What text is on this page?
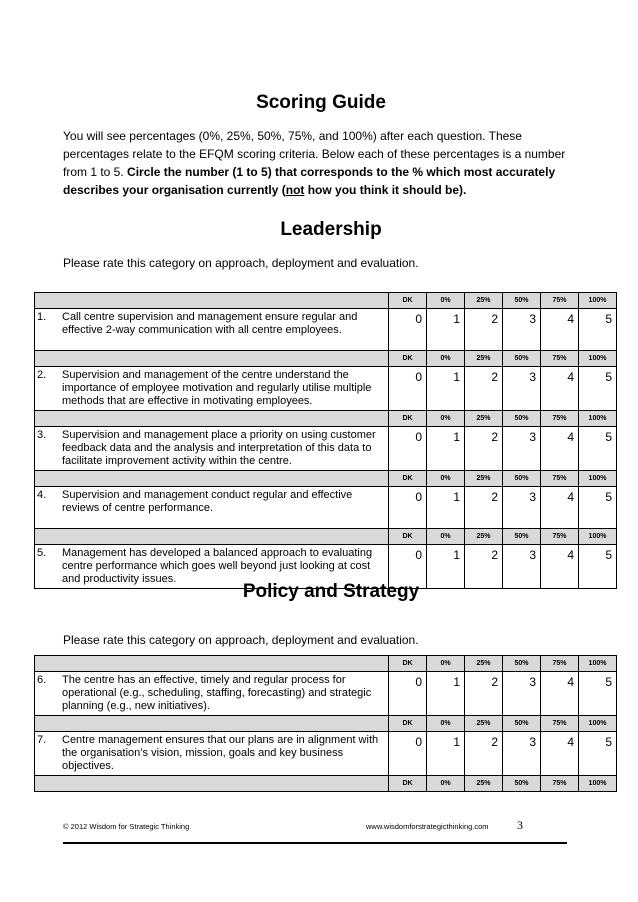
Scoring Guide
You will see percentages (0%, 25%, 50%, 75%, and 100%) after each question. These percentages relate to the EFQM scoring criteria. Below each of these percentages is a number from 1 to 5. Circle the number (1 to 5) that corresponds to the % which most accurately describes your organisation currently (not how you think it should be).
Leadership

Please rate this category on approach, deployment and evaluation.

	DK	0%	25%	50%	75%	100%

1. Call centre supervision and management ensure regular and effective 2-way communication with all centre employees.	0	1	2	3	4	5
	DK	0%	25%	50%	75%	100%

2. Supervision and management of the centre understand the importance of employee motivation and regularly utilise multiple methods that are effective in motivating employees.	0	1	2	3	4	5
	DK	0%	25%	50%	75%	100%

3. Supervision and management place a priority on using customer feedback data and the analysis and interpretation of this data to facilitate improvement activity within the centre.	0	1	2	3	4	5
	DK	0%	25%	50%	75%	100%

4. Supervision and management conduct regular and effective reviews of centre performance.	0	1	2	3	4	5
	DK	0%	25%	50%	75%	100%

5. Management has developed a balanced approach to evaluating centre performance which goes well beyond just looking at cost and productivity issues.	0	1	2	3	4	5
Policy and Strategy

Please rate this category on approach, deployment and evaluation.

	DK	0%	25%	50%	75%	100%

6. The centre has an effective, timely and regular process for operational (e.g., scheduling, staffing, forecasting) and strategic planning (e.g., new initiatives).	0	1	2	3	4	5
	DK	0%	25%	50%	75%	100%

7. Centre management ensures that our plans are in alignment with the organisation’s vision, mission, goals and key business objectives.	0	1	2	3	4	5
	DK	0%	25%	50%	75%	100%
© 2012 Wisdom for Strategic Thinking	www.wisdomforstrategicthinking.com 3
